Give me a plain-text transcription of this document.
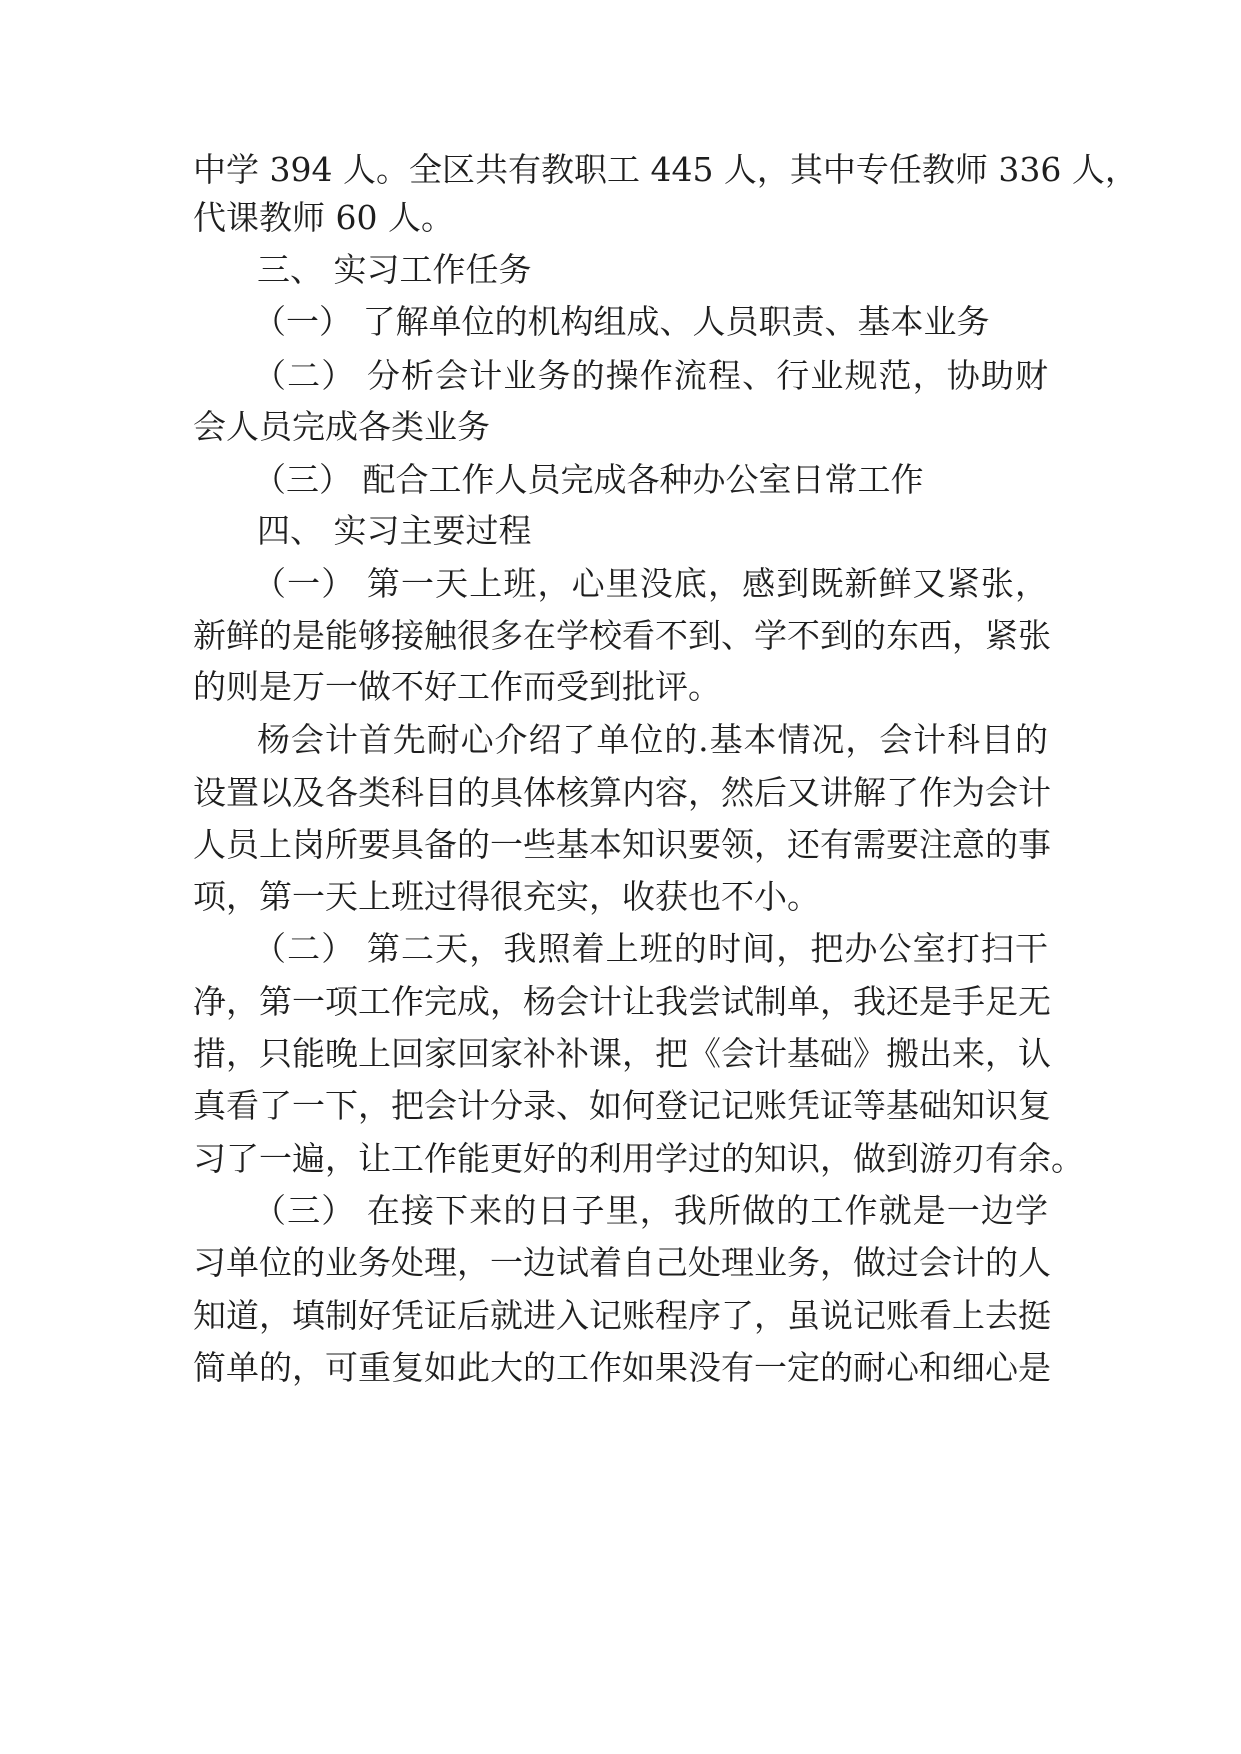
中学 394 人。全区共有教职工 445 人，其中专任教师 336 人，

代课教师 60 人。

三、 实习工作任务

（一） 了解单位的机构组成、人员职责、基本业务

（二） 分析会计业务的操作流程、行业规范，协助财

会人员完成各类业务

（三） 配合工作人员完成各种办公室日常工作

四、 实习主要过程

（一） 第一天上班，心里没底，感到既新鲜又紧张，

新鲜的是能够接触很多在学校看不到、学不到的东西，紧张

的则是万一做不好工作而受到批评。

杨会计首先耐心介绍了单位的.基本情况，会计科目的

设置以及各类科目的具体核算内容，然后又讲解了作为会计

人员上岗所要具备的一些基本知识要领，还有需要注意的事

项，第一天上班过得很充实，收获也不小。

（二） 第二天，我照着上班的时间，把办公室打扫干

净，第一项工作完成，杨会计让我尝试制单，我还是手足无

措，只能晚上回家回家补补课，把《会计基础》搬出来，认

真看了一下，把会计分录、如何登记记账凭证等基础知识复

习了一遍，让工作能更好的利用学过的知识，做到游刃有余。

（三） 在接下来的日子里，我所做的工作就是一边学

习单位的业务处理，一边试着自己处理业务，做过会计的人

知道，填制好凭证后就进入记账程序了，虽说记账看上去挺

简单的，可重复如此大的工作如果没有一定的耐心和细心是
